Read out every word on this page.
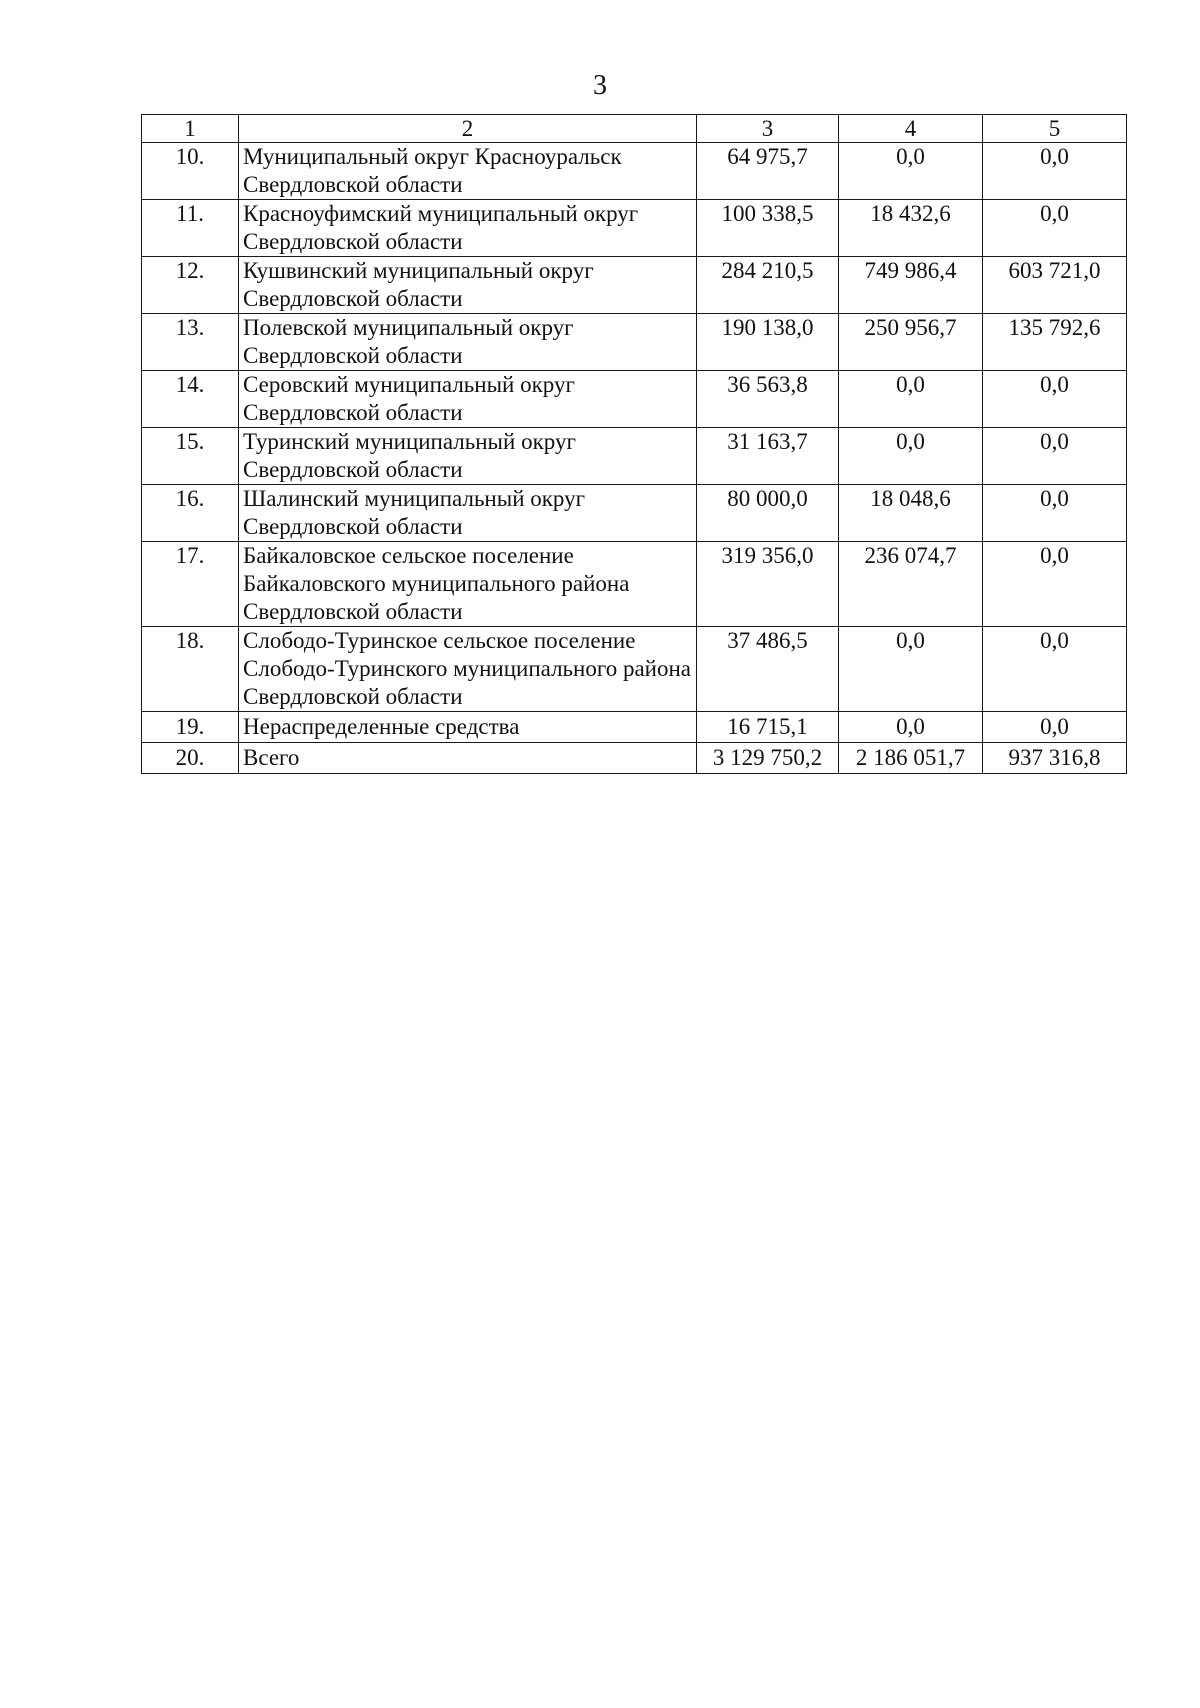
3
1	2	3	4	5
10.	Муниципальный округ Красноуральск Свердловской области	64 975,7	0,0	0,0
11.	Красноуфимский муниципальный округ Свердловской области	100 338,5	18 432,6	0,0
12.	Кушвинский муниципальный округ Свердловской области	284 210,5	749 986,4	603 721,0
13.	Полевской муниципальный округ Свердловской области	190 138,0	250 956,7	135 792,6
14.	Серовский муниципальный округ Свердловской области	36 563,8	0,0	0,0
15.	Туринский муниципальный округ Свердловской области	31 163,7	0,0	0,0
16.	Шалинский муниципальный округ Свердловской области	80 000,0	18 048,6	0,0
17.	Байкаловское сельское поселение Байкаловского муниципального района Свердловской области	319 356,0	236 074,7	0,0
18.	Слободо-Туринское сельское поселение Слободо-Туринского муниципального района Свердловской области	37 486,5	0,0	0,0
19.	Нераспределенные средства	16 715,1	0,0	0,0
20.	Всего	3 129 750,2	2 186 051,7	937 316,8
